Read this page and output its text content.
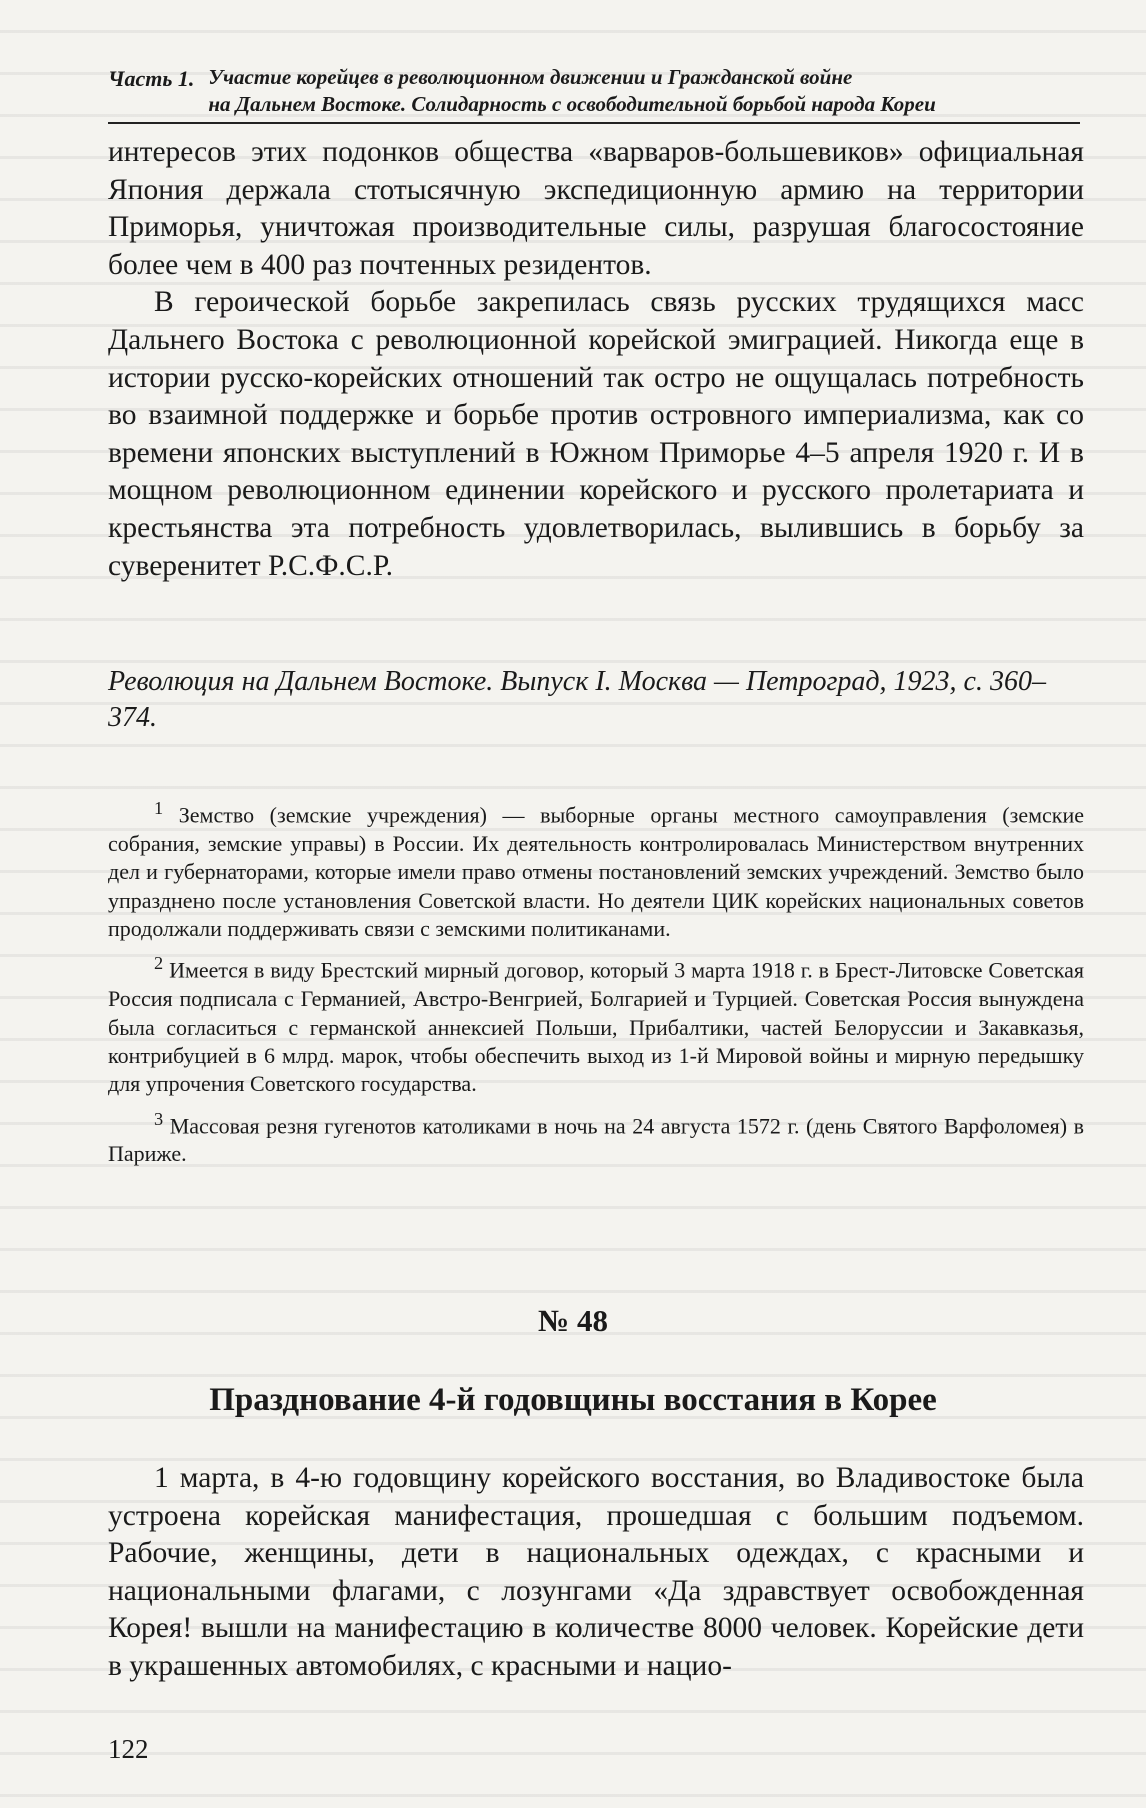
Часть 1. Участие корейцев в революционном движении и Гражданской войне
на Дальнем Востоке. Солидарность с освободительной борьбой народа Кореи

интересов этих подонков общества «варваров-большевиков» официальная Япония держала стотысячную экспедиционную армию на территории Приморья, уничтожая производительные силы, разрушая благосостояние более чем в 400 раз почтенных резидентов.

В героической борьбе закрепилась связь русских трудящихся масс Дальнего Востока с революционной корейской эмиграцией. Никогда еще в истории русско-корейских отношений так остро не ощущалась потребность во взаимной поддержке и борьбе против островного империализма, как со времени японских выступлений в Южном Приморье 4–5 апреля 1920 г. И в мощном революционном единении корейского и русского пролетариата и крестьянства эта потребность удовлетворилась, вылившись в борьбу за суверенитет Р.С.Ф.С.Р.

Революция на Дальнем Востоке. Выпуск I. Москва — Петроград, 1923, с. 360–374.

$^1$ Земство (земские учреждения) — выборные органы местного самоуправления (земские собрания, земские управы) в России. Их деятельность контролировалась Министерством внутренних дел и губернаторами, которые имели право отмены постановлений земских учреждений. Земство было упразднено после установления Советской власти. Но деятели ЦИК корейских национальных советов продолжали поддерживать связи с земскими политиканами.

$^2$ Имеется в виду Брестский мирный договор, который 3 марта 1918 г. в Брест-Литовске Советская Россия подписала с Германией, Австро-Венгрией, Болгарией и Турцией. Советская Россия вынуждена была согласиться с германской аннексией Польши, Прибалтики, частей Белоруссии и Закавказья, контрибуцией в 6 млрд. марок, чтобы обеспечить выход из 1-й Мировой войны и мирную передышку для упрочения Советского государства.

$^3$ Массовая резня гугенотов католиками в ночь на 24 августа 1572 г. (день Святого Варфоломея) в Париже.

№ 48
Празднование 4-й годовщины восстания в Корее

1 марта, в 4-ю годовщину корейского восстания, во Владивостоке была устроена корейская манифестация, прошедшая с большим подъемом. Рабочие, женщины, дети в национальных одеждах, с красными и национальными флагами, с лозунгами «Да здравствует освобожденная Корея! вышли на манифестацию в количестве 8000 человек. Корейские дети в украшенных автомобилях, с красными и нацио-

122
